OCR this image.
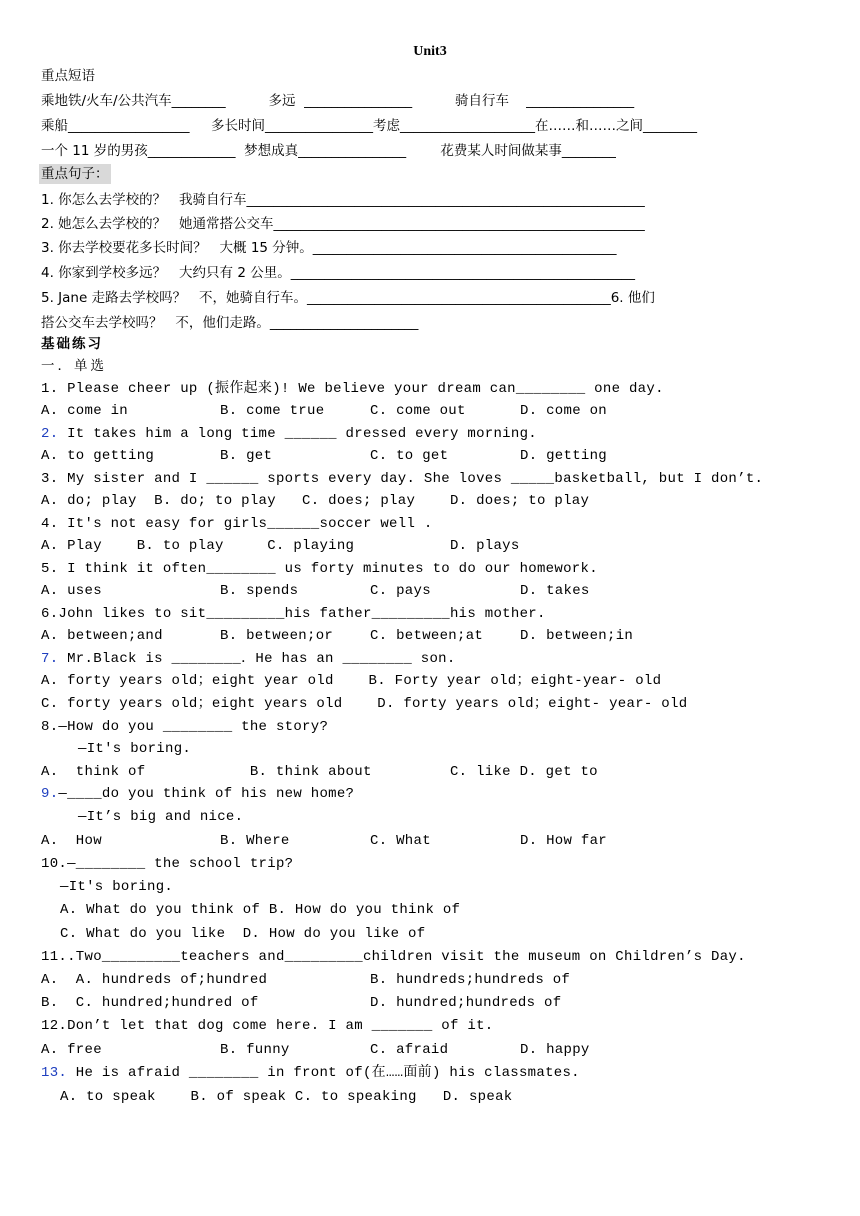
Unit3
重点短语
乘地铁/火车/公共汽车________          多远  ________________          骑自行车    ________________
乘船__________________     多长时间________________考虑____________________在……和……之间________
一个 11 岁的男孩_____________  梦想成真________________        花费某人时间做某事________
重点句子：
1. 你怎么去学校的？   我骑自行车___________________________________________________________
2. 她怎么去学校的？   她通常搭公交车_______________________________________________________
3. 你去学校要花多长时间？   大概 15 分钟。_____________________________________________
4. 你家到学校多远？   大约只有 2 公里。___________________________________________________
5. Jane 走路去学校吗？   不，她骑自行车。_____________________________________________6. 他们
搭公交车去学校吗？   不，他们走路。______________________
基础练习
一．单选
1. Please cheer up (振作起来)! We believe your dream can________ one day.
A. come in	B. come true	C. come out	D. come on
2. It takes him a long time ______ dressed every morning.
A. to getting	B. get	C. to get	D. getting
3. My sister and I ______ sports every day. She loves _____basketball, but I don’t.
A. do; play  B. do; to play   C. does; play    D. does; to play
4. It's not easy for girls______soccer well .
A. Play    B. to play     C. playing           D. plays
5. I think it often________ us forty minutes to do our homework.
A. uses	B. spends	C. pays	D. takes
6.John likes to sit_________his father_________his mother.
A. between;and	B. between;or	C. between;at	D. between;in
7. Mr.Black is ________．He has an ________ son.
A. forty years old；eight year old    B. Forty year old；eight-year- old
C. forty years old；eight years old    D. forty years old；eight- year- old
8.—How do you ________ the story?
—It's boring.
A.  think of            B. think about         C. like D. get to
9.—____do you think of his new home?
—It’s big and nice.
A.  How	B. Where	C. What	D. How far
10.—________ the school trip?
—It's boring.
A. What do you think of B. How do you think of
C. What do you like  D. How do you like of
11..Two_________teachers and_________children visit the museum on Children’s Day.
A.  A. hundreds of;hundred	B. hundreds;hundreds of
B.  C. hundred;hundred of	D. hundred;hundreds of
12.Don’t let that dog come here. I am _______ of it.
A. free	B. funny	C. afraid	D. happy
13. He is afraid ________ in front of(在……面前) his classmates.
A. to speak    B. of speak C. to speaking   D. speak
